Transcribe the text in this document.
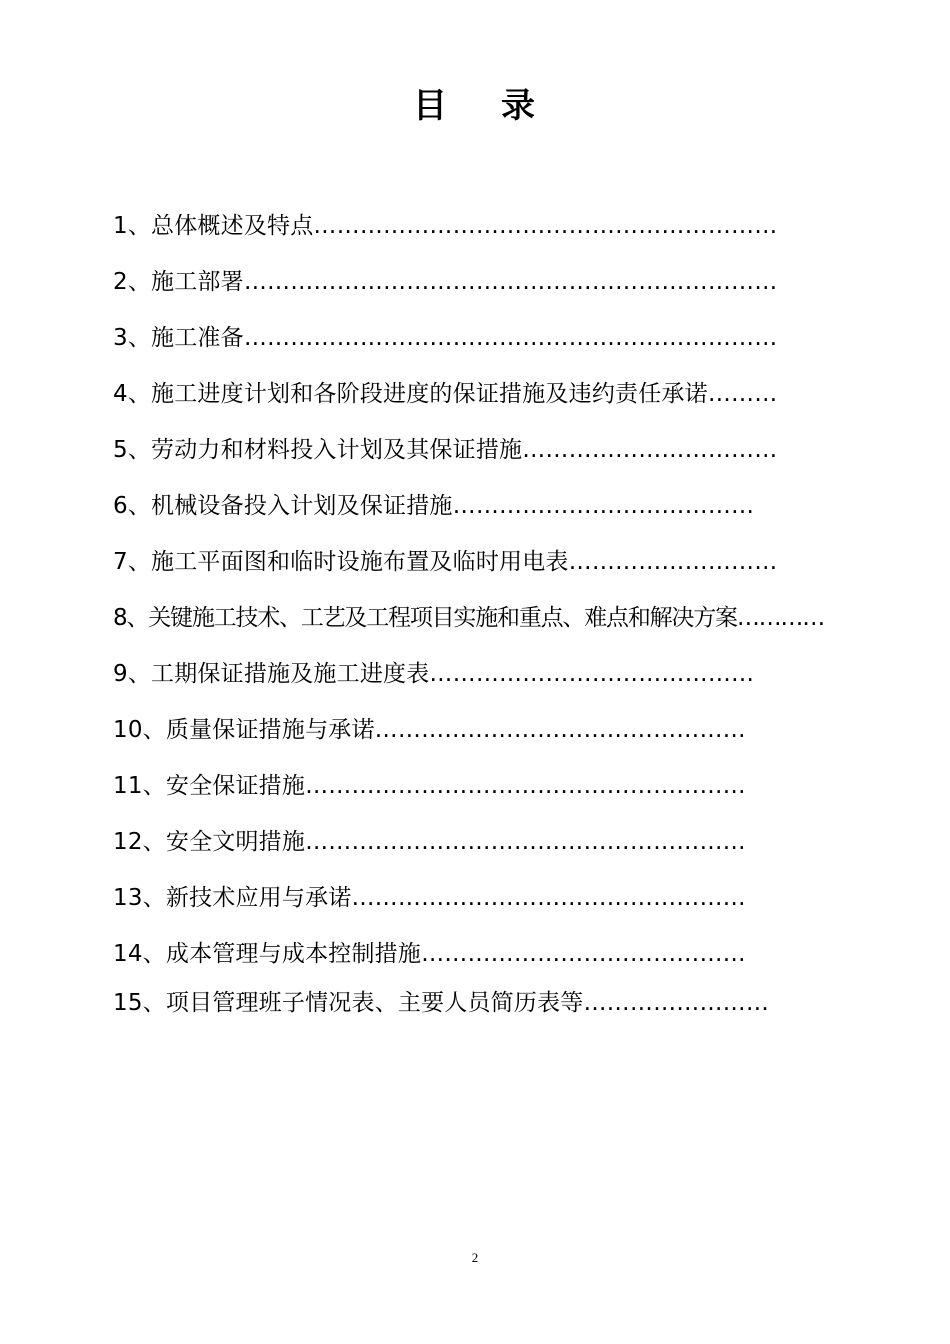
目 录
1、总体概述及特点……………………………………………………
2、施工部署……………………………………………………………
3、施工准备……………………………………………………………
4、施工进度计划和各阶段进度的保证措施及违约责任承诺………
5、劳动力和材料投入计划及其保证措施……………………………
6、机械设备投入计划及保证措施…………………………………
7、施工平面图和临时设施布置及临时用电表………………………
8、关键施工技术、工艺及工程项目实施和重点、难点和解决方案…………
9、工期保证措施及施工进度表……………………………………
10、质量保证措施与承诺…………………………………………
11、安全保证措施…………………………………………………
12、安全文明措施…………………………………………………
13、新技术应用与承诺……………………………………………
14、成本管理与成本控制措施……………………………………
15、项目管理班子情况表、主要人员简历表等……………………
2
